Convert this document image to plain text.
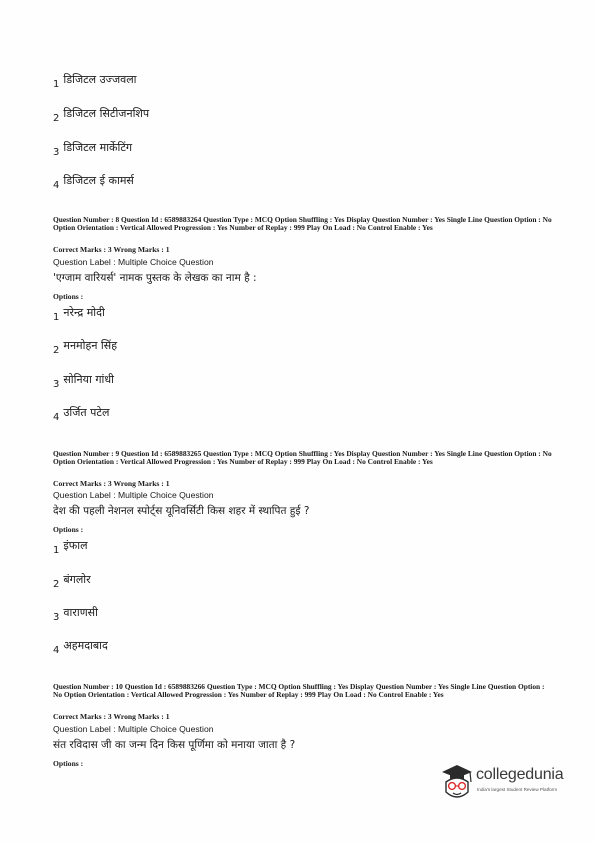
1 डिजिटल उज्जवला
2 डिजिटल सिटीजनशिप
3 डिजिटल मार्केटिंग
4 डिजिटल ई कामर्स
Question Number : 8 Question Id : 6589883264 Question Type : MCQ Option Shuffling : Yes Display Question Number : Yes Single Line Question Option : No Option Orientation : Vertical Allowed Progression : Yes Number of Replay : 999 Play On Load : No Control Enable : Yes
Correct Marks : 3 Wrong Marks : 1
Question Label : Multiple Choice Question
'एग्जाम वारियर्स' नामक पुस्तक के लेखक का नाम है :
Options :
1 नरेन्द्र मोदी
2 मनमोहन सिंह
3 सोनिया गांधी
4 उर्जित पटेल
Question Number : 9 Question Id : 6589883265 Question Type : MCQ Option Shuffling : Yes Display Question Number : Yes Single Line Question Option : No Option Orientation : Vertical Allowed Progression : Yes Number of Replay : 999 Play On Load : No Control Enable : Yes
Correct Marks : 3 Wrong Marks : 1
Question Label : Multiple Choice Question
देश की पहली नेशनल स्पोर्ट्स यूनिवर्सिटी किस शहर में स्थापित हुई ?
Options :
1 इंफाल
2 बंगलोर
3 वाराणसी
4 अहमदाबाद
Question Number : 10 Question Id : 6589883266 Question Type : MCQ Option Shuffling : Yes Display Question Number : Yes Single Line Question Option : No Option Orientation : Vertical Allowed Progression : Yes Number of Replay : 999 Play On Load : No Control Enable : Yes
Correct Marks : 3 Wrong Marks : 1
Question Label : Multiple Choice Question
संत रविदास जी का जन्म दिन किस पूर्णिमा को मनाया जाता है ?
Options :
collegedunia
India's largest Student Review Platform
